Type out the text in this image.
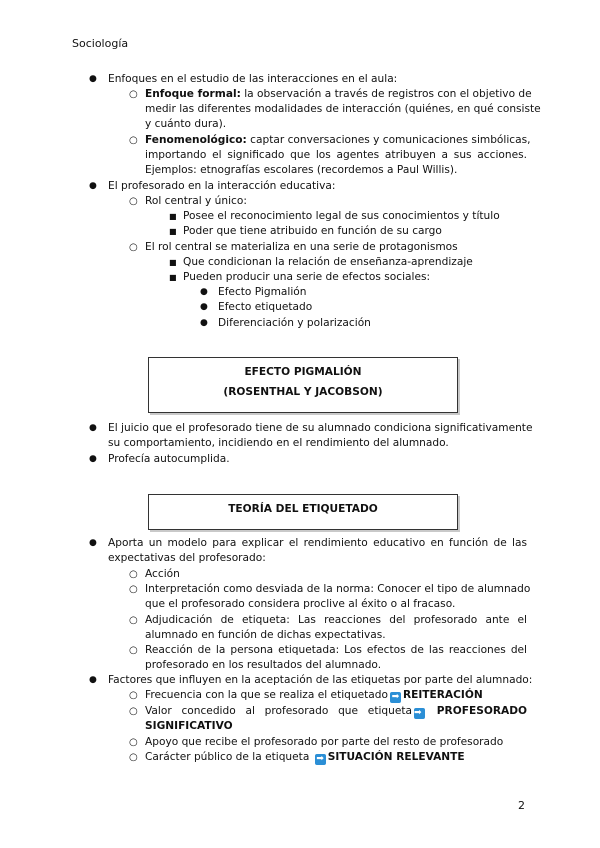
Sociología
● Enfoques en el estudio de las interacciones en el aula:
○ Enfoque formal: la observación a través de registros con el objetivo de
medir las diferentes modalidades de interacción (quiénes, en qué consiste
y cuánto dura).
○ Fenomenológico: captar conversaciones y comunicaciones simbólicas,
importando el significado que los agentes atribuyen a sus acciones.
Ejemplos: etnografías escolares (recordemos a Paul Willis).
● El profesorado en la interacción educativa:
○ Rol central y único:
■ Posee el reconocimiento legal de sus conocimientos y título
■ Poder que tiene atribuido en función de su cargo
○ El rol central se materializa en una serie de protagonismos
■ Que condicionan la relación de enseñanza-aprendizaje
■ Pueden producir una serie de efectos sociales:
● Efecto Pigmalión
● Efecto etiquetado
● Diferenciación y polarización
EFECTO PIGMALIÓN
(ROSENTHAL Y JACOBSON)
● El juicio que el profesorado tiene de su alumnado condiciona significativamente
su comportamiento, incidiendo en el rendimiento del alumnado.
● Profecía autocumplida.
TEORÍA DEL ETIQUETADO
● Aporta un modelo para explicar el rendimiento educativo en función de las
expectativas del profesorado:
○ Acción
○ Interpretación como desviada de la norma: Conocer el tipo de alumnado
que el profesorado considera proclive al éxito o al fracaso.
○ Adjudicación de etiqueta: Las reacciones del profesorado ante el
alumnado en función de dichas expectativas.
○ Reacción de la persona etiquetada: Los efectos de las reacciones del
profesorado en los resultados del alumnado.
● Factores que influyen en la aceptación de las etiquetas por parte del alumnado:
○ Frecuencia con la que se realiza el etiquetado ➡ REITERACIÓN
○ Valor concedido al profesorado que etiqueta ➡ PROFESORADO
SIGNIFICATIVO
○ Apoyo que recibe el profesorado por parte del resto de profesorado
○ Carácter público de la etiqueta ➡ SITUACIÓN RELEVANTE
2
